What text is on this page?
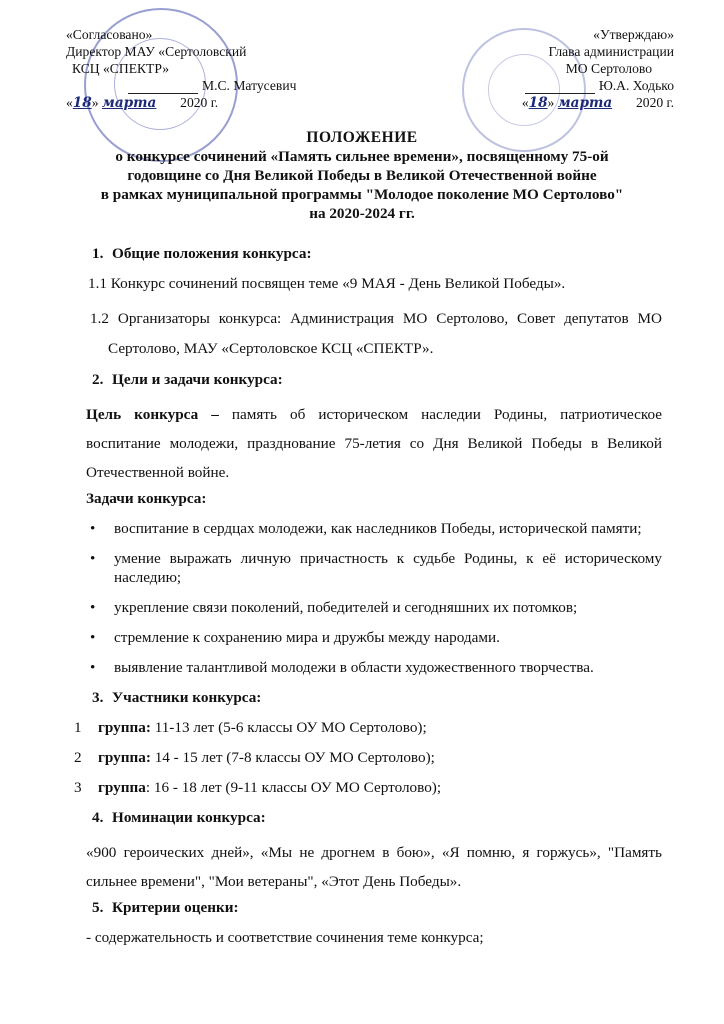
«Согласовано»
Директор МАУ «Сертоловский
КСЦ «СПЕКТР»
М.С. Матусевич
«18» марта 2020 г.
«Утверждаю»
Глава администрации
МО Сертолово
Ю.А. Ходько
«18» марта 2020 г.
ПОЛОЖЕНИЕ
о конкурсе сочинений «Память сильнее времени», посвященному 75-ой
годовщине со Дня Великой Победы в Великой Отечественной войне
в рамках муниципальной программы "Молодое поколение МО Сертолово"
на 2020-2024 гг.
1. Общие положения конкурса:
1.1 Конкурс сочинений посвящен теме «9 МАЯ - День Великой Победы».
1.2 Организаторы конкурса: Администрация МО Сертолово, Совет депутатов МО Сертолово, МАУ «Сертоловское КСЦ «СПЕКТР».
2. Цели и задачи конкурса:
Цель конкурса – память об историческом наследии Родины, патриотическое воспитание молодежи, празднование 75-летия со Дня Великой Победы в Великой Отечественной войне.
Задачи конкурса:
• воспитание в сердцах молодежи, как наследников Победы, исторической памяти;
• умение выражать личную причастность к судьбе Родины, к её историческому наследию;
• укрепление связи поколений, победителей и сегодняшних их потомков;
• стремление к сохранению мира и дружбы между народами.
• выявление талантливой молодежи в области художественного творчества.
3. Участники конкурса:
1	группа: 11-13 лет (5-6 классы ОУ МО Сертолово);
2	группа: 14 - 15 лет (7-8 классы ОУ МО Сертолово);
3	группа: 16 - 18 лет (9-11 классы ОУ МО Сертолово);
4. Номинации конкурса:
«900 героических дней», «Мы не дрогнем в бою», «Я помню, я горжусь», "Память сильнее времени", "Мои ветераны", «Этот День Победы».
5. Критерии оценки:
- содержательность и соответствие сочинения теме конкурса;
